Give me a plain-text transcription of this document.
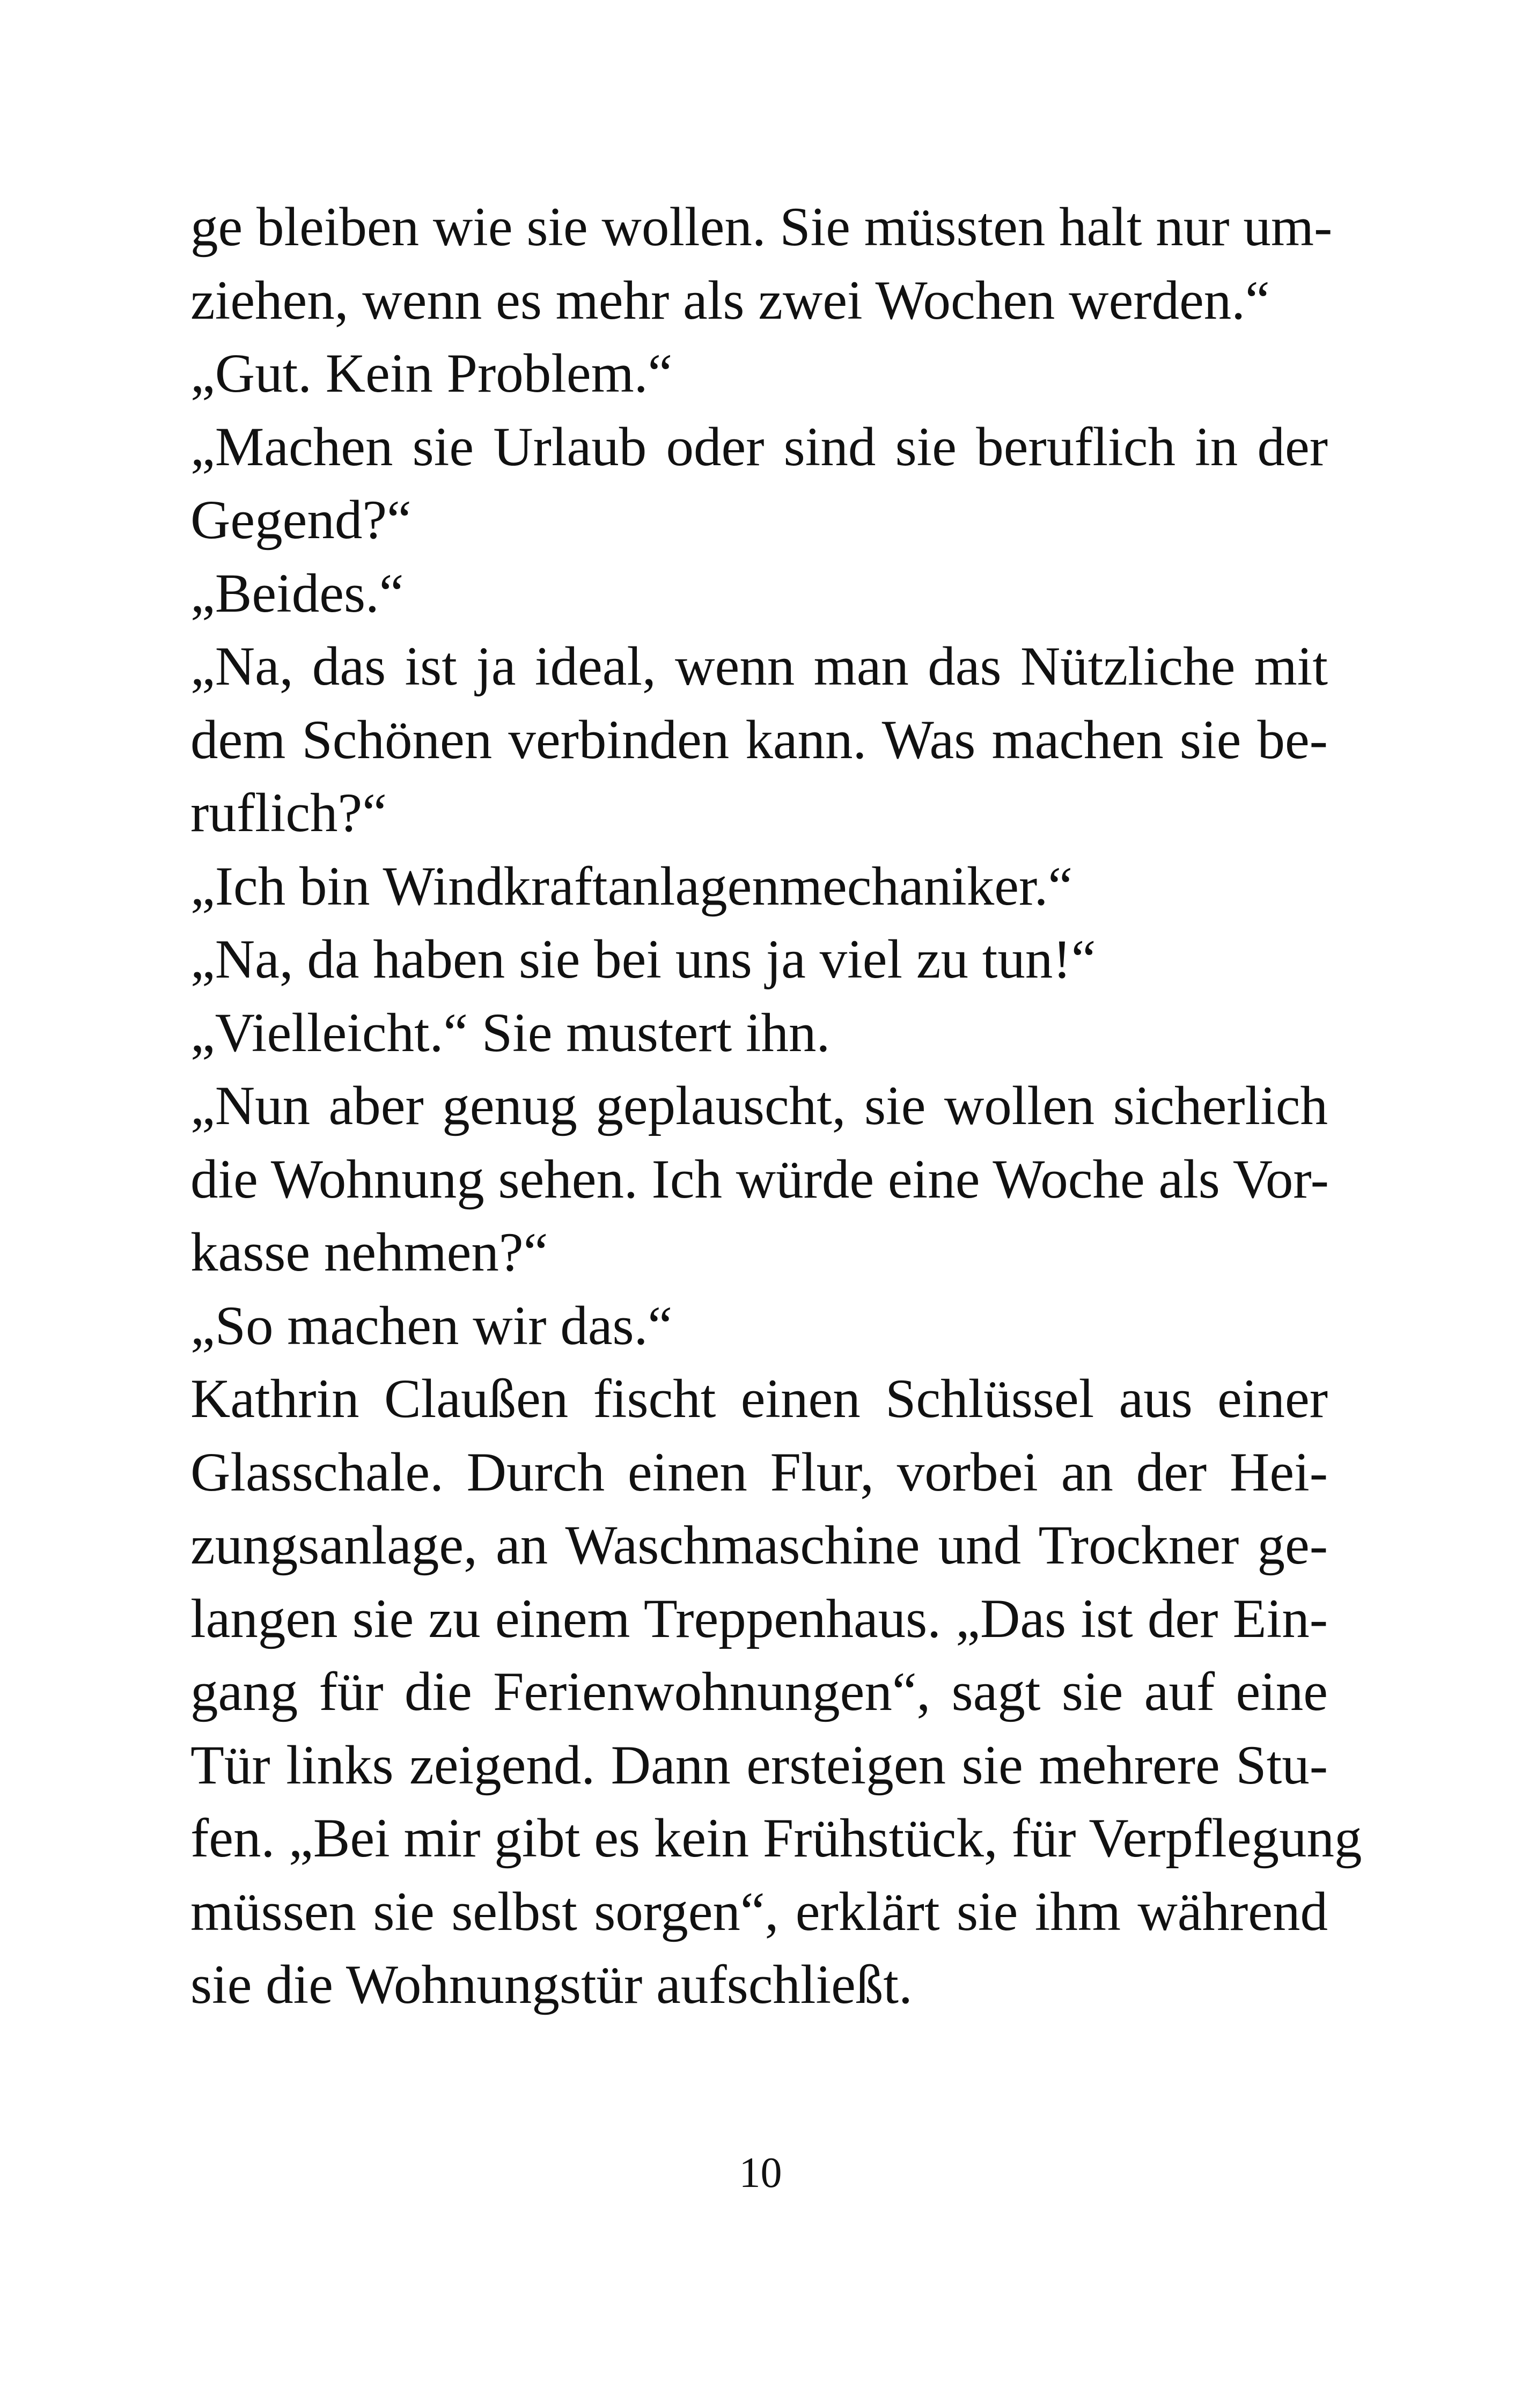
ge bleiben wie sie wollen. Sie müssten halt nur um-
ziehen, wenn es mehr als zwei Wochen werden.“
„Gut. Kein Problem.“
„Machen sie Urlaub oder sind sie beruflich in der
Gegend?“
„Beides.“
„Na, das ist ja ideal, wenn man das Nützliche mit
dem Schönen verbinden kann. Was machen sie be-
ruflich?“
„Ich bin Windkraftanlagenmechaniker.“
„Na, da haben sie bei uns ja viel zu tun!“
„Vielleicht.“ Sie mustert ihn.
„Nun aber genug geplauscht, sie wollen sicherlich
die Wohnung sehen. Ich würde eine Woche als Vor-
kasse nehmen?“
„So machen wir das.“
Kathrin Claußen fischt einen Schlüssel aus einer
Glasschale. Durch einen Flur, vorbei an der Hei-
zungsanlage, an Waschmaschine und Trockner ge-
langen sie zu einem Treppenhaus. „Das ist der Ein-
gang für die Ferienwohnungen“, sagt sie auf eine
Tür links zeigend. Dann ersteigen sie mehrere Stu-
fen. „Bei mir gibt es kein Frühstück, für Verpflegung
müssen sie selbst sorgen“, erklärt sie ihm während
sie die Wohnungstür aufschließt.
10
